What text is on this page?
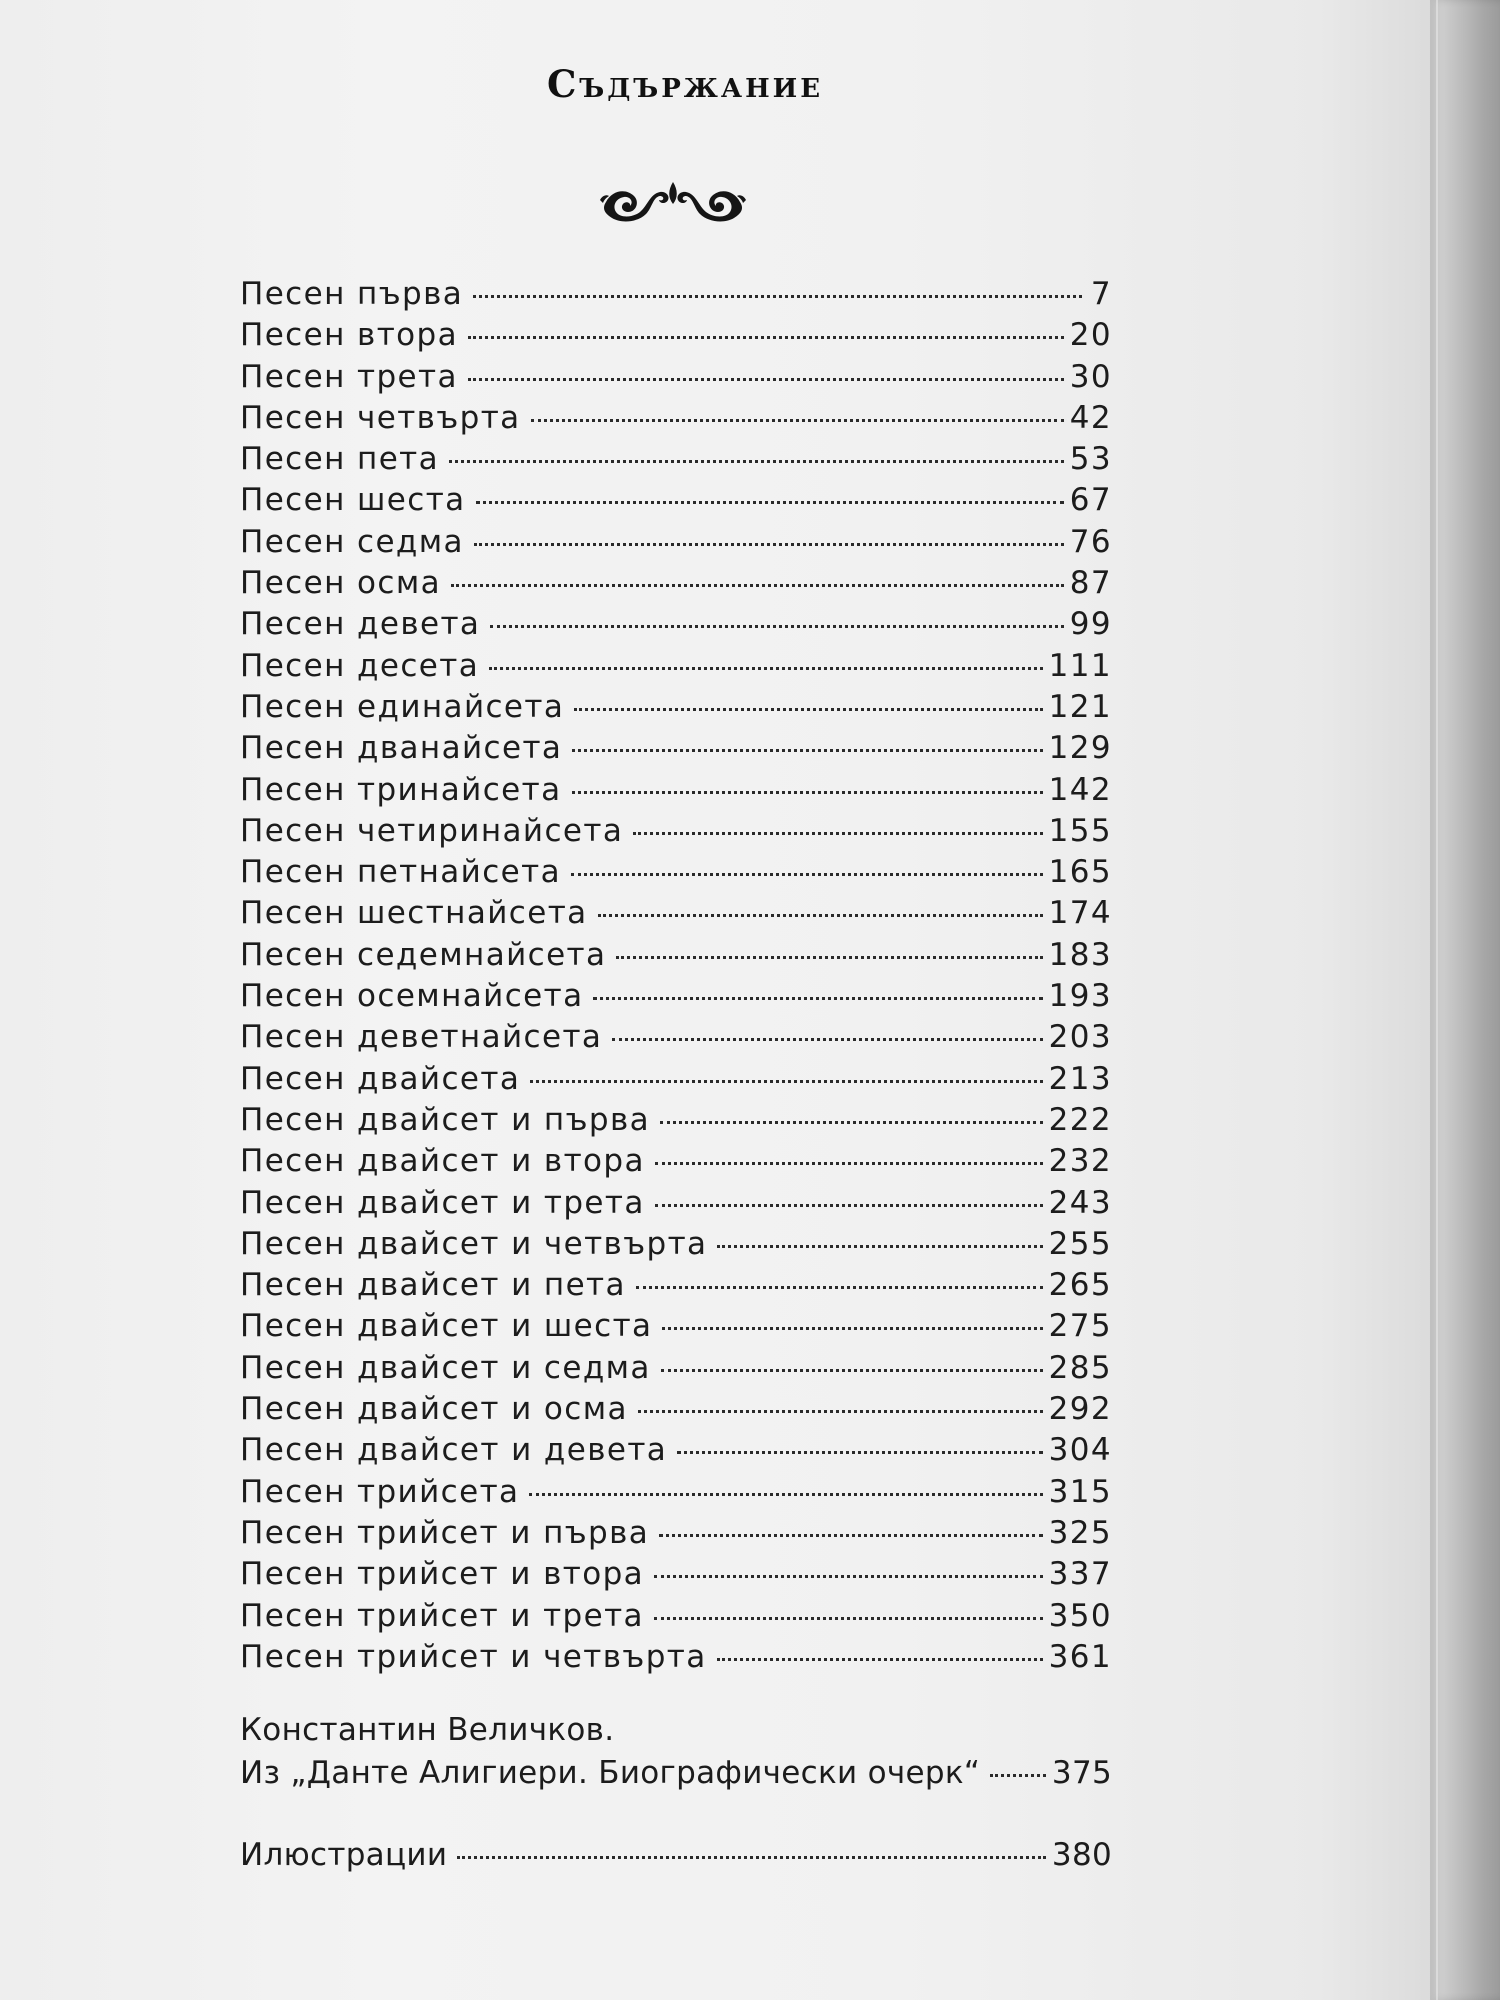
Съдържание
Песен първа	7
Песен втора	20
Песен трета	30
Песен четвърта	42
Песен пета	53
Песен шеста	67
Песен седма	76
Песен осма	87
Песен девета	99
Песен десета	111
Песен единайсета	121
Песен дванайсета	129
Песен тринайсета	142
Песен четиринайсета	155
Песен петнайсета	165
Песен шестнайсета	174
Песен седемнайсета	183
Песен осемнайсета	193
Песен деветнайсета	203
Песен двайсета	213
Песен двайсет и първа	222
Песен двайсет и втора	232
Песен двайсет и трета	243
Песен двайсет и четвърта	255
Песен двайсет и пета	265
Песен двайсет и шеста	275
Песен двайсет и седма	285
Песен двайсет и осма	292
Песен двайсет и девета	304
Песен трийсета	315
Песен трийсет и първа	325
Песен трийсет и втора	337
Песен трийсет и трета	350
Песен трийсет и четвърта	361
Константин Величков.
Из „Данте Алигиери. Биографически очерк“ 375
Илюстрации	380
